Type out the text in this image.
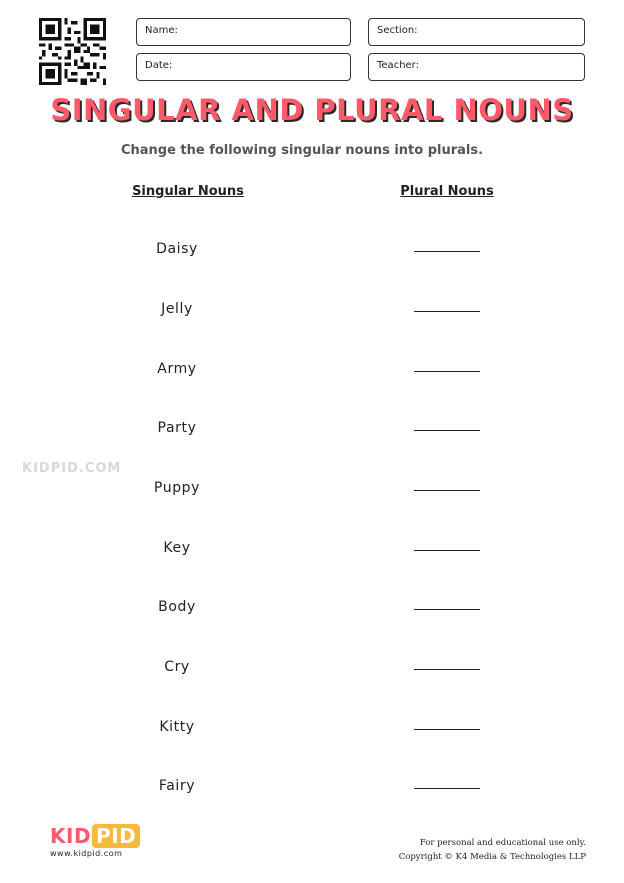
Name:	Section:
Date:	Teacher:
SINGULAR AND PLURAL NOUNS
Change the following singular nouns into plurals.
Singular Nouns	Plural Nouns
Daisy
Jelly
Army
Party
Puppy
Key
Body
Cry
Kitty
Fairy
KIDPID.COM
KID PID
www.kidpid.com
For personal and educational use only.
Copyright © K4 Media & Technologies LLP
